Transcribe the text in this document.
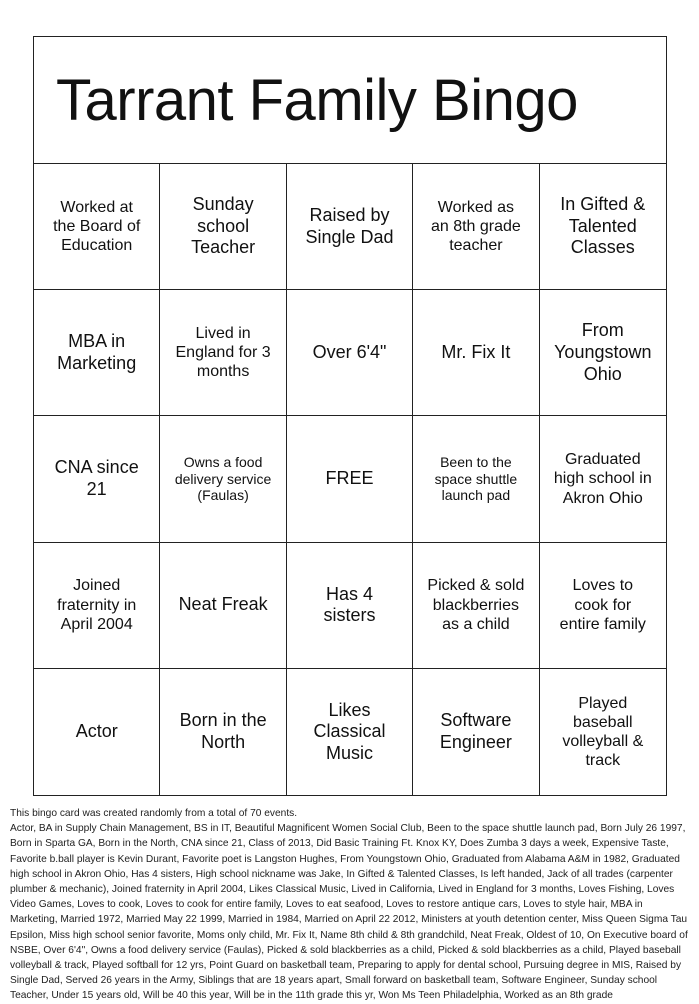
Tarrant Family Bingo
Worked at the Board of Education
Sunday school Teacher
Raised by Single Dad
Worked as an 8th grade teacher
In Gifted & Talented Classes
MBA in Marketing
Lived in England for 3 months
Over 6'4"	Mr. Fix It
From Youngstown Ohio
CNA since 21
Owns a food delivery service (Faulas)
FREE
Been to the space shuttle launch pad
Graduated high school in Akron Ohio
Joined fraternity in April 2004
Neat Freak
Has 4 sisters
Picked & sold blackberries as a child
Loves to cook for entire family
Actor
Born in the North
Likes Classical Music
Software Engineer
Played baseball volleyball & track

This bingo card was created randomly from a total of 70 events.

Actor, BA in Supply Chain Management, BS in IT, Beautiful Magnificent Women Social Club, Been to the space shuttle launch pad, Born July 26 1997, Born in Sparta GA, Born in the North, CNA since 21, Class of 2013, Did Basic Training Ft. Knox KY, Does Zumba 3 days a week, Expensive Taste, Favorite b.ball player is Kevin Durant, Favorite poet is Langston Hughes, From Youngstown Ohio, Graduated from Alabama A&M in 1982, Graduated high school in Akron Ohio, Has 4 sisters, High school nickname was Jake, In Gifted & Talented Classes, Is left handed, Jack of all trades (carpenter plumber & mechanic), Joined fraternity in April 2004, Likes Classical Music, Lived in California, Lived in England for 3 months, Loves Fishing, Loves Video Games, Loves to cook, Loves to cook for entire family, Loves to eat seafood, Loves to restore antique cars, Loves to style hair, MBA in Marketing, Married 1972, Married May 22 1999, Married in 1984, Married on April 22 2012, Ministers at youth detention center, Miss Queen Sigma Tau Epsilon, Miss high school senior favorite, Moms only child, Mr. Fix It, Name 8th child & 8th grandchild, Neat Freak, Oldest of 10, On Executive board of NSBE, Over 6'4", Owns a food delivery service (Faulas), Picked & sold blackberries as a child, Picked & sold blackberries as a child, Played baseball volleyball & track, Played softball for 12 yrs, Point Guard on basketball team, Preparing to apply for dental school, Pursuing degree in MIS, Raised by Single Dad, Served 26 years in the Army, Siblings that are 18 years apart, Small forward on basketball team, Software Engineer, Sunday school Teacher, Under 15 years old, Will be 40 this year, Will be in the 11th grade this yr, Won Ms Teen Philadelphia, Worked as an 8th grade
